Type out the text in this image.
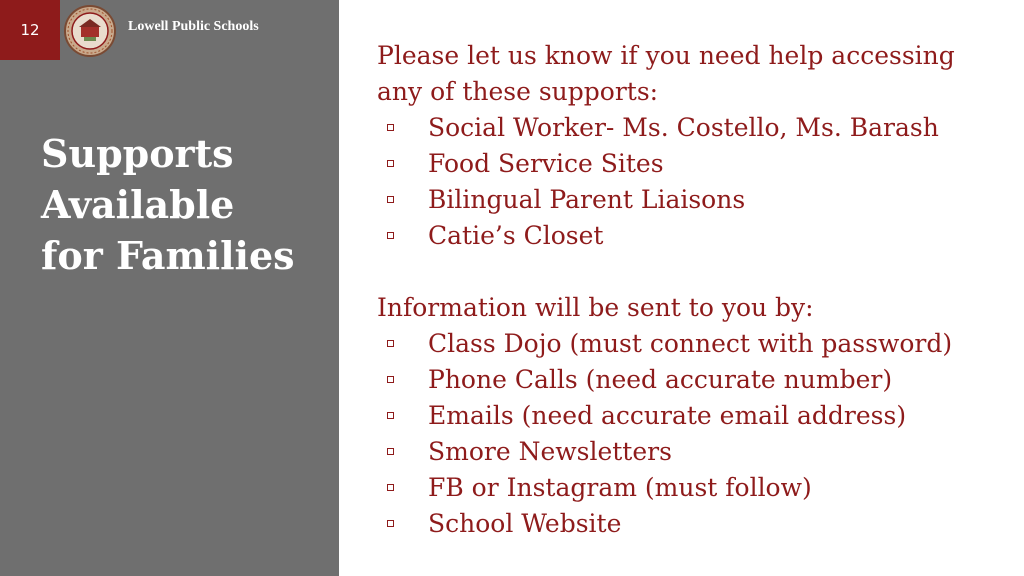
12	Lowell Public Schools
Supports
Available
for Families

Please let us know if you need help accessing

any of these supports:

Social Worker- Ms. Costello, Ms. Barash
Food Service Sites
Bilingual Parent Liaisons
Catie’s Closet

Information will be sent to you by:

Class Dojo (must connect with password)
Phone Calls (need accurate number)
Emails (need accurate email address)
Smore Newsletters
FB or Instagram (must follow)
School Website
